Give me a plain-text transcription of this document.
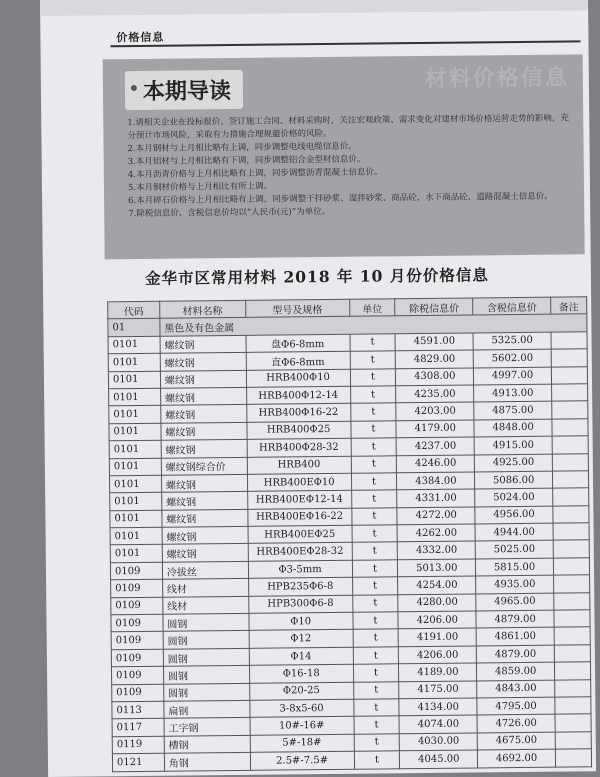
价格信息
材料价格信息
本期导读
1.请相关企业在投标报价、签订施工合同、材料采购时，关注宏观政策、需求变化对建材市场价格运营走势的影响，充分预计市场风险，采取有力措施合理规避价格的风险。
2.本月钢材与上月相比略有上调，同步调整电线电缆信息价。
3.本月铝材与上月相比略有下调，同步调整铝合金型材信息价。
4.本月沥青价格与上月相比略有上调，同步调整沥青混凝土信息价。
5.本月铜材价格与上月相比有所上调。
6.本月碎石价格与上月相比略有上调，同步调整干拌砂浆、湿拌砂浆、商品砼、水下商品砼、道路混凝土信息价。
7.除税信息价、含税信息价均以“人民币(元)”为单位。
金华市区常用材料 2018 年 10 月份价格信息
代码	材料名称	型号及规格	单位	除税信息价	含税信息价	备注
01	黑色及有色金属					
0101	螺纹钢	盘Φ6-8mm	t	4591.00	5325.00	
0101	螺纹钢	直Φ6-8mm	t	4829.00	5602.00	
0101	螺纹钢	HRB400Φ10	t	4308.00	4997.00	
0101	螺纹钢	HRB400Φ12-14	t	4235.00	4913.00	
0101	螺纹钢	HRB400Φ16-22	t	4203.00	4875.00	
0101	螺纹钢	HRB400Φ25	t	4179.00	4848.00	
0101	螺纹钢	HRB400Φ28-32	t	4237.00	4915.00	
0101	螺纹钢综合价	HRB400	t	4246.00	4925.00	
0101	螺纹钢	HRB400EΦ10	t	4384.00	5086.00	
0101	螺纹钢	HRB400EΦ12-14	t	4331.00	5024.00	
0101	螺纹钢	HRB400EΦ16-22	t	4272.00	4956.00	
0101	螺纹钢	HRB400EΦ25	t	4262.00	4944.00	
0101	螺纹钢	HRB400EΦ28-32	t	4332.00	5025.00	
0109	冷拔丝	Φ3-5mm	t	5013.00	5815.00	
0109	线材	HPB235Φ6-8	t	4254.00	4935.00	
0109	线材	HPB300Φ6-8	t	4280.00	4965.00	
0109	圆钢	Φ10	t	4206.00	4879.00	
0109	圆钢	Φ12	t	4191.00	4861.00	
0109	圆钢	Φ14	t	4206.00	4879.00	
0109	圆钢	Φ16-18	t	4189.00	4859.00	
0109	圆钢	Φ20-25	t	4175.00	4843.00	
0113	扁钢	3-8x5-60	t	4134.00	4795.00	
0117	工字钢	10#-16#	t	4074.00	4726.00	
0119	槽钢	5#-18#	t	4030.00	4675.00	
0121	角钢	2.5#-7.5#	t	4045.00	4692.00	
